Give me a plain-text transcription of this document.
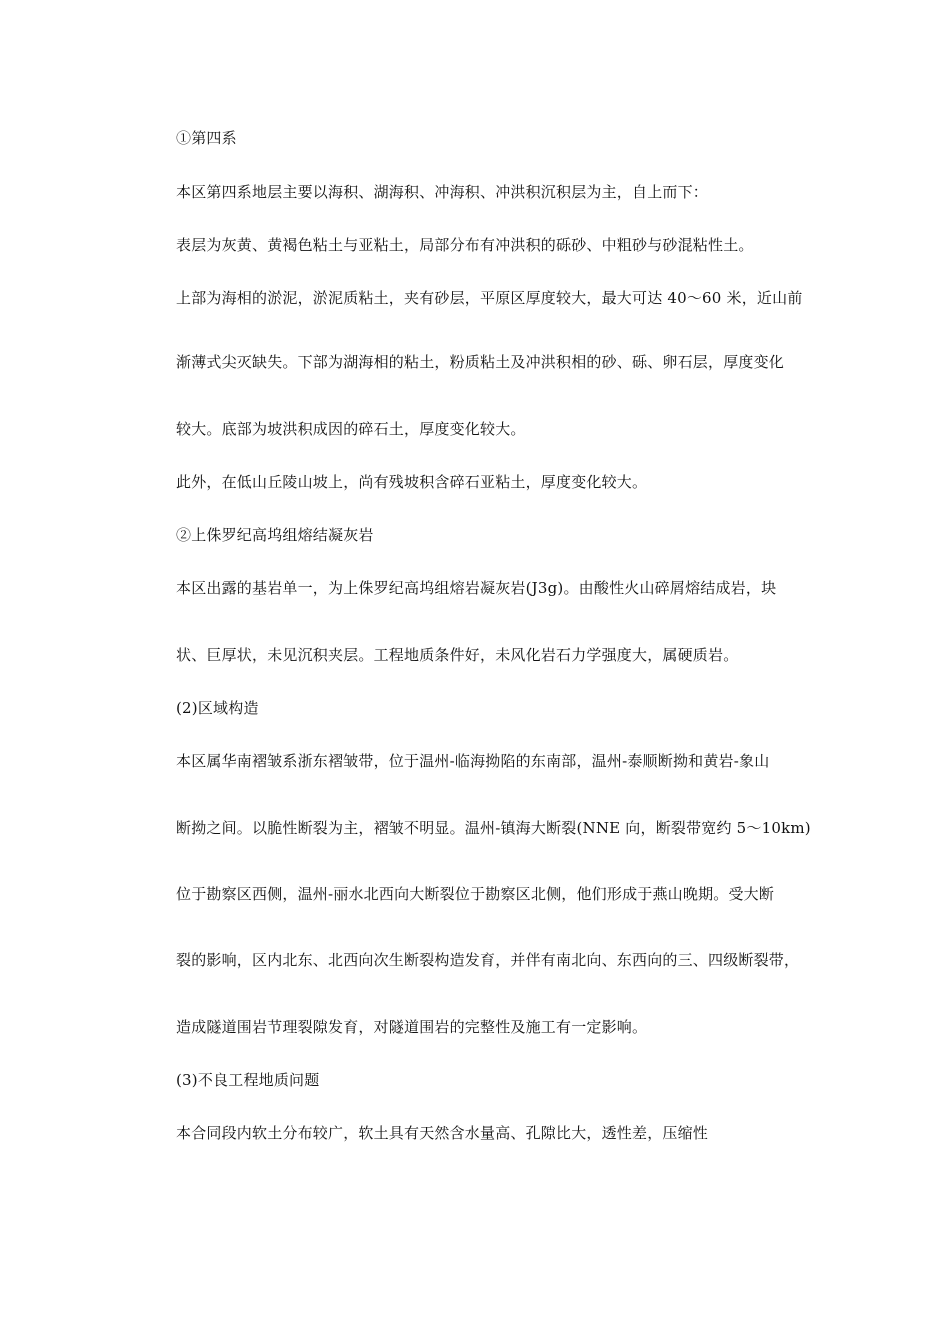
①第四系
本区第四系地层主要以海积、湖海积、冲海积、冲洪积沉积层为主，自上而下：
表层为灰黄、黄褐色粘土与亚粘土，局部分布有冲洪积的砾砂、中粗砂与砂混粘性土。
上部为海相的淤泥，淤泥质粘土，夹有砂层，平原区厚度较大，最大可达 40～60 米，近山前
渐薄式尖灭缺失。下部为湖海相的粘土，粉质粘土及冲洪积相的砂、砾、卵石层，厚度变化
较大。底部为坡洪积成因的碎石土，厚度变化较大。
此外，在低山丘陵山坡上，尚有残坡积含碎石亚粘土，厚度变化较大。
②上侏罗纪高坞组熔结凝灰岩
本区出露的基岩单一，为上侏罗纪高坞组熔岩凝灰岩(J3g)。由酸性火山碎屑熔结成岩，块
状、巨厚状，未见沉积夹层。工程地质条件好，未风化岩石力学强度大，属硬质岩。
(2)区域构造
本区属华南褶皱系浙东褶皱带，位于温州-临海拗陷的东南部，温州-泰顺断拗和黄岩-象山
断拗之间。以脆性断裂为主，褶皱不明显。温州-镇海大断裂(NNE 向，断裂带宽约 5～10km)
位于勘察区西侧，温州-丽水北西向大断裂位于勘察区北侧，他们形成于燕山晚期。受大断
裂的影响，区内北东、北西向次生断裂构造发育，并伴有南北向、东西向的三、四级断裂带，
造成隧道围岩节理裂隙发育，对隧道围岩的完整性及施工有一定影响。
(3)不良工程地质问题
本合同段内软土分布较广，软土具有天然含水量高、孔隙比大，透性差，压缩性
